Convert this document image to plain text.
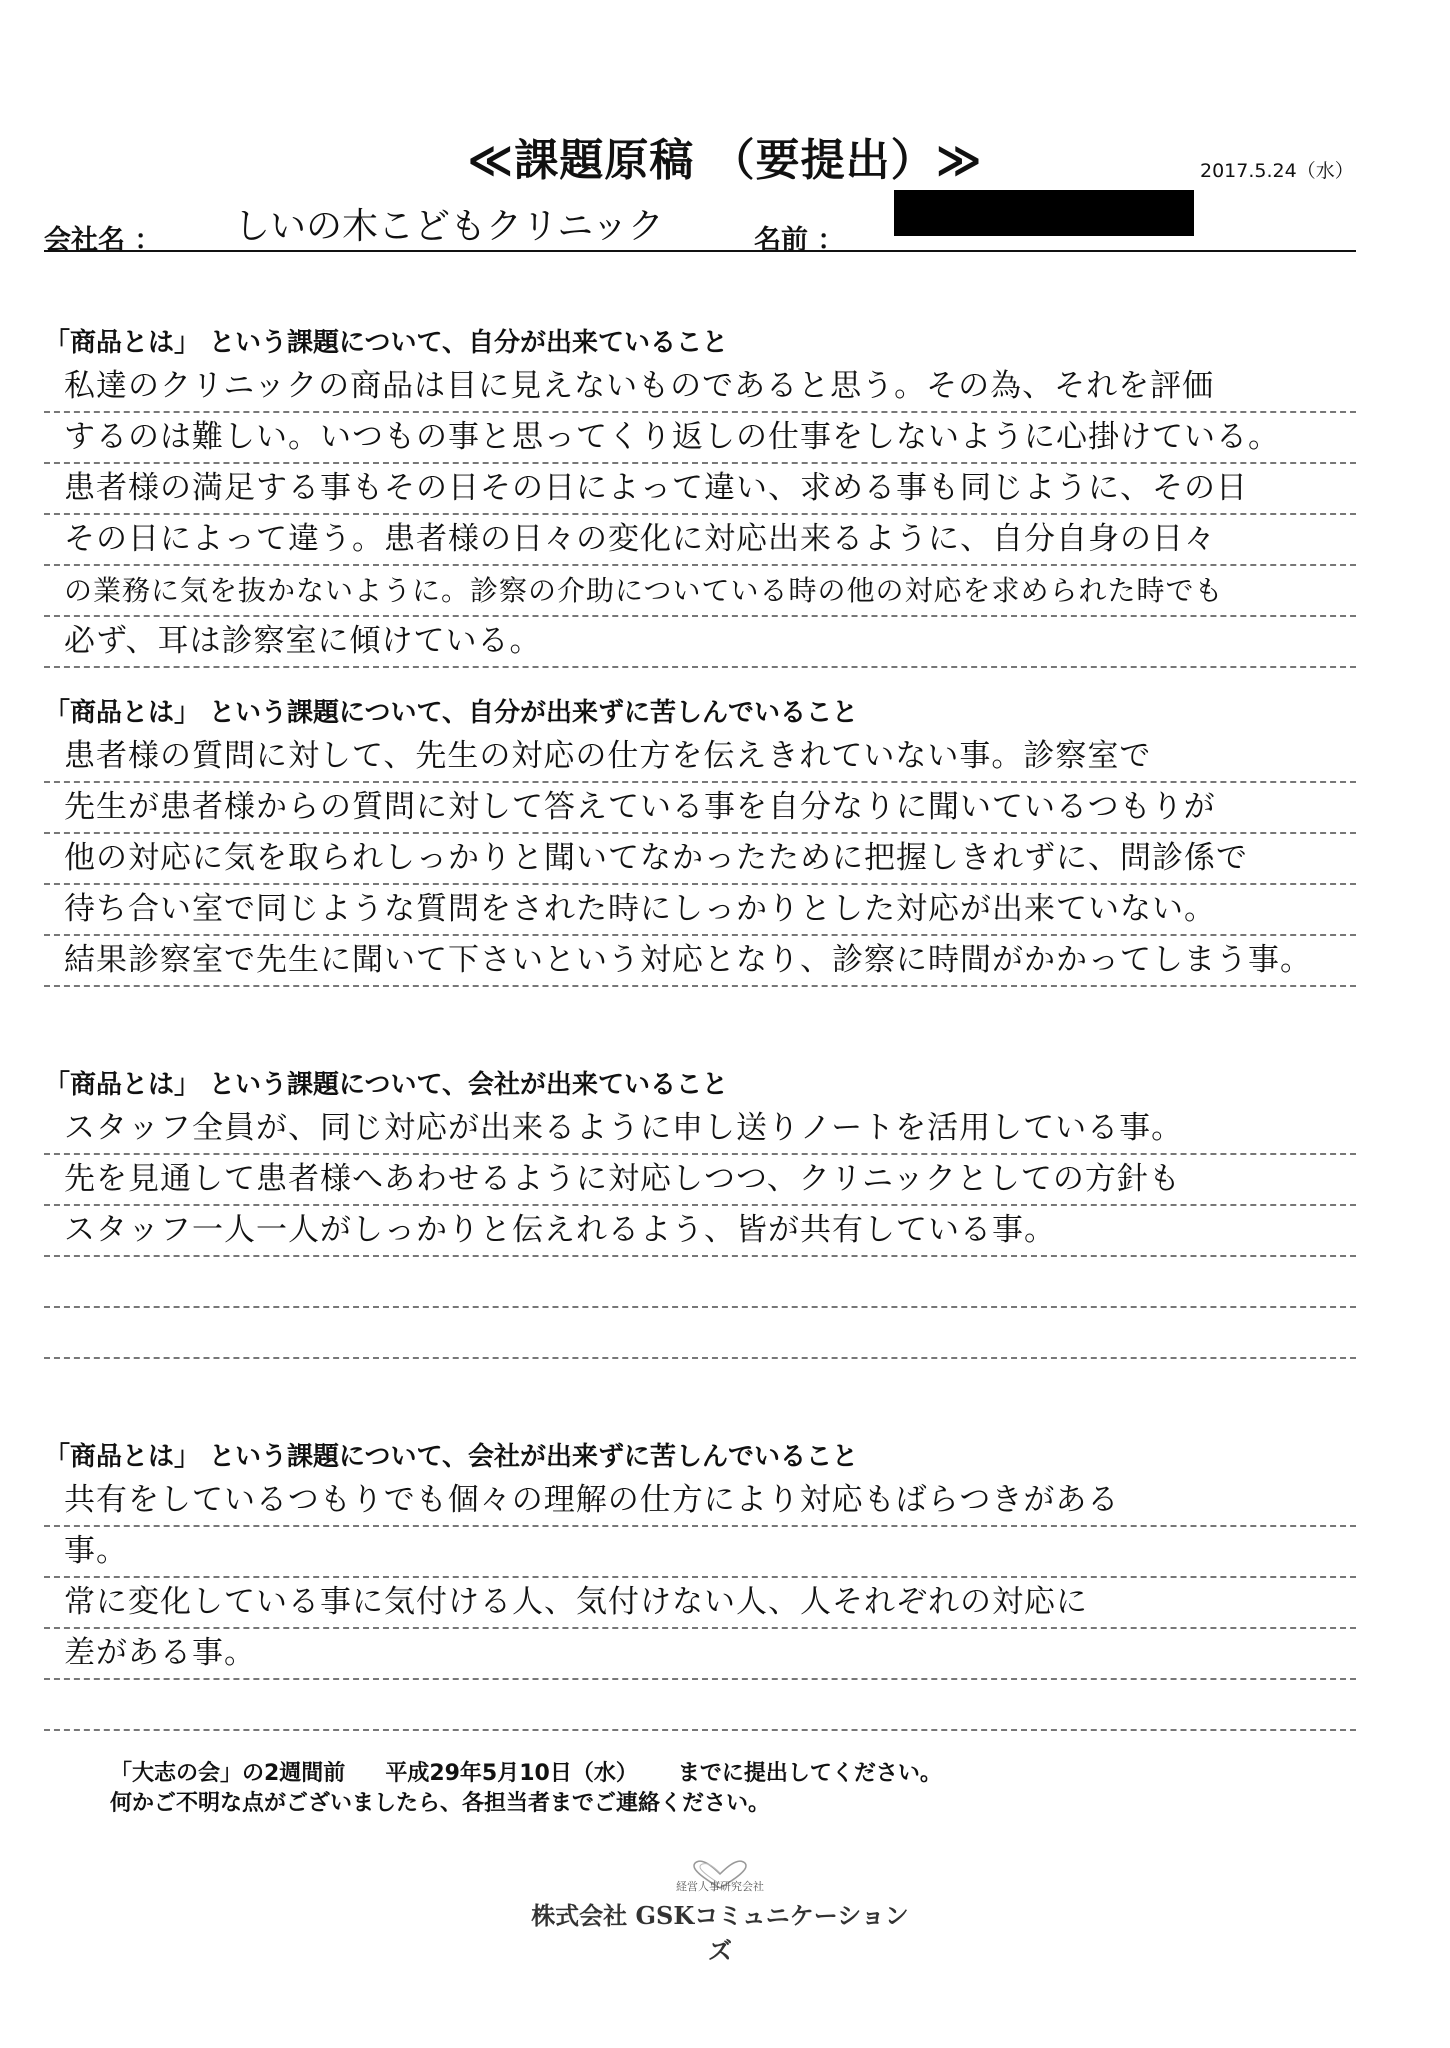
≪課題原稿 （要提出）≫	2017.5.24（水）
会社名 ： しいの木こどもクリニック	名前 ：
「商品とは」 という課題について、自分が出来ていること
私達のクリニックの商品は目に見えないものであると思う。その為、それを評価
するのは難しい。いつもの事と思ってくり返しの仕事をしないように心掛けている。
患者様の満足する事もその日その日によって違い、求める事も同じように、その日
その日によって違う。患者様の日々の変化に対応出来るように、自分自身の日々
の業務に気を抜かないように。診察の介助についている時の他の対応を求められた時でも
必ず、耳は診察室に傾けている。
「商品とは」 という課題について、自分が出来ずに苦しんでいること
患者様の質問に対して、先生の対応の仕方を伝えきれていない事。診察室で
先生が患者様からの質問に対して答えている事を自分なりに聞いているつもりが
他の対応に気を取られしっかりと聞いてなかったために把握しきれずに、問診係で
待ち合い室で同じような質問をされた時にしっかりとした対応が出来ていない。
結果診察室で先生に聞いて下さいという対応となり、診察に時間がかかってしまう事。
「商品とは」 という課題について、会社が出来ていること
スタッフ全員が、同じ対応が出来るように申し送りノートを活用している事。
先を見通して患者様へあわせるように対応しつつ、クリニックとしての方針も
スタッフ一人一人がしっかりと伝えれるよう、皆が共有している事。
「商品とは」 という課題について、会社が出来ずに苦しんでいること
共有をしているつもりでも個々の理解の仕方により対応もばらつきがある
事。
常に変化している事に気付ける人、気付けない人、人それぞれの対応に
差がある事。
「大志の会」の2週間前 平成29年5月10日（水） までに提出してください。
何かご不明な点がございましたら、各担当者までご連絡ください。
経営人事研究会社
株式会社 GSKコミュニケーションズ
